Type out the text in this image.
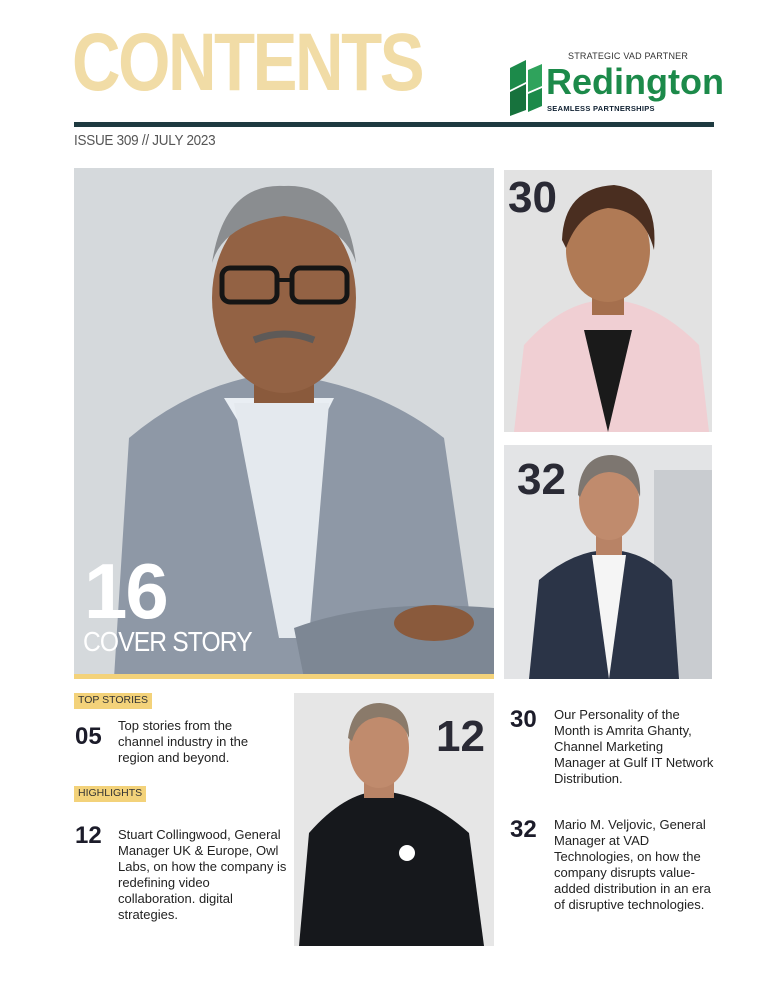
CONTENTS	STRATEGIC VAD PARTNER
Redington
SEAMLESS PARTNERSHIPS
ISSUE 309 // JULY 2023
16
COVER STORY
30
32
12
TOP STORIES
HIGHLIGHTS
05 Top stories from the channel industry in the region and beyond.
12 Stuart Collingwood, General Manager UK & Europe, Owl Labs, on how the company is redefining video collaboration. digital strategies.
30 Our Personality of the Month is Amrita Ghanty, Channel Marketing Manager at Gulf IT Network Distribution.
32 Mario M. Veljovic, General Manager at VAD Technologies, on how the company disrupts value-added distribution in an era of disruptive technologies.
